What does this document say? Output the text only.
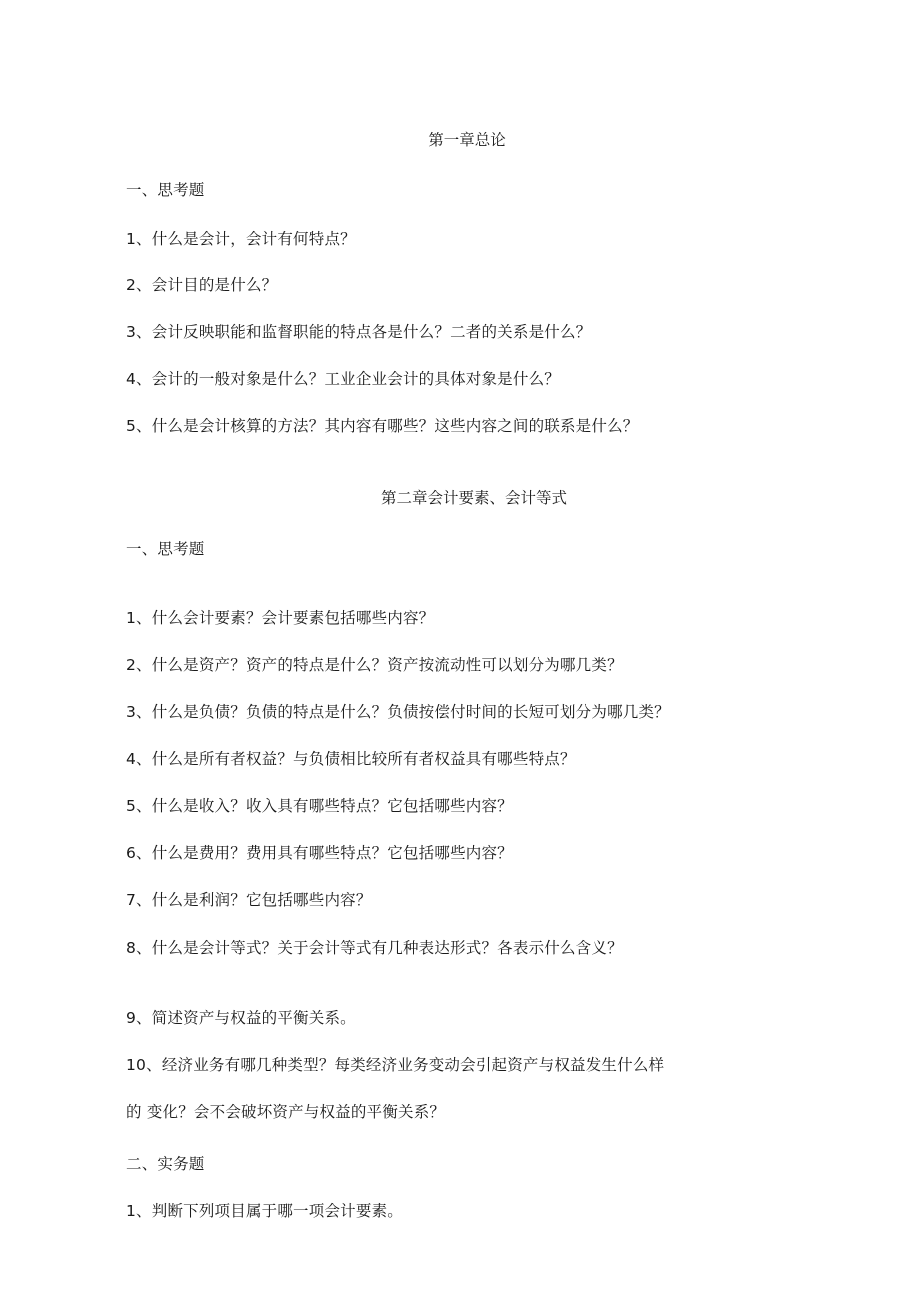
第一章总论
一、思考题
1、什么是会计，会计有何特点？
2、会计目的是什么？
3、会计反映职能和监督职能的特点各是什么？二者的关系是什么？
4、会计的一般对象是什么？工业企业会计的具体对象是什么？
5、什么是会计核算的方法？其内容有哪些？这些内容之间的联系是什么？
第二章会计要素、会计等式
一、思考题
1、什么会计要素？会计要素包括哪些内容？
2、什么是资产？资产的特点是什么？资产按流动性可以划分为哪几类？
3、什么是负债？负债的特点是什么？负债按偿付时间的长短可划分为哪几类？
4、什么是所有者权益？与负债相比较所有者权益具有哪些特点？
5、什么是收入？收入具有哪些特点？它包括哪些内容？
6、什么是费用？费用具有哪些特点？它包括哪些内容？
7、什么是利润？它包括哪些内容？
8、什么是会计等式？关于会计等式有几种表达形式？各表示什么含义？
9、简述资产与权益的平衡关系。
10、经济业务有哪几种类型？每类经济业务变动会引起资产与权益发生什么样
的 变化？会不会破坏资产与权益的平衡关系？
二、实务题
1、判断下列项目属于哪一项会计要素。
